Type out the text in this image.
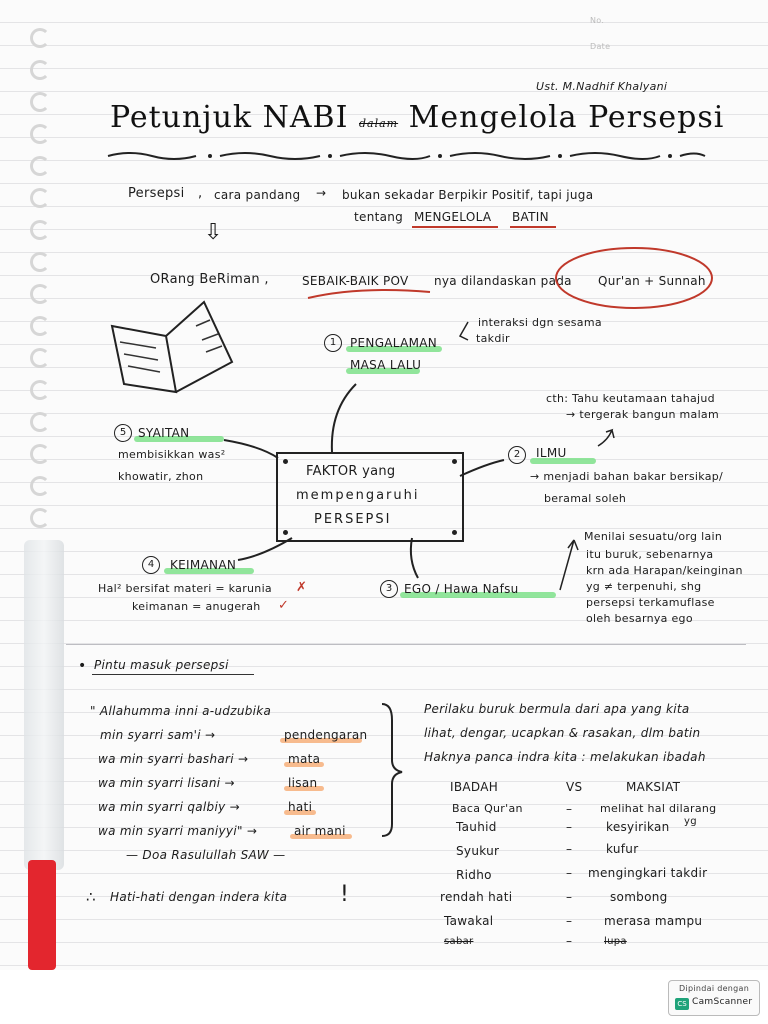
No.
Date
Ust. M.Nadhif Khalyani
Petunjuk NABI dalam Mengelola Persepsi
Persepsi , cara pandang → bukan sekadar Berpikir Positif, tapi juga
tentang MENGELOLA BATIN
⇩
ORang BeRiman ,	SEBAIK-BAIK POV nya dilandaskan pada Qur'an + Sunnah
1	PENGALAMAN
MASA LALU
interaksi dgn sesama
takdir
5 SYAITAN
membisikkan was²
khowatir, zhon
2	ILMU
cth: Tahu keutamaan tahajud
→ tergerak bangun malam
→ menjadi bahan bakar bersikap/
beramal soleh
FAKTOR yang
mempengaruhi
PERSEPSI
4	KEIMANAN
Hal² bersifat materi = karunia ✗
keimanan = anugerah ✓
3 EGO / Hawa Nafsu
Menilai sesuatu/org lain
itu buruk, sebenarnya
krn ada Harapan/keinginan
yg ≠ terpenuhi, shg
persepsi terkamuflase
oleh besarnya ego
• Pintu masuk persepsi
" Allahumma inni a-udzubika
min syarri sam'i →	pendengaran
wa min syarri bashari →	mata
wa min syarri lisani →	lisan
wa min syarri qalbiy →	hati
wa min syarri maniyyi" →	air mani
— Doa Rasulullah SAW —
∴ Hati-hati dengan indera kita !
Perilaku buruk bermula dari apa yang kita
lihat, dengar, ucapkan & rasakan, dlm batin
Haknya panca indra kita : melakukan ibadah
IBADAH	VS	MAKSIAT
Baca Qur'an	–	melihat hal dilarang
yg
Tauhid	–	kesyirikan
Syukur	–	kufur
Ridho	– mengingkari takdir
rendah hati	–	sombong
Tawakal	–	merasa mampu
sabar	–	lupa
Dipindai dengan
CS CamScanner
